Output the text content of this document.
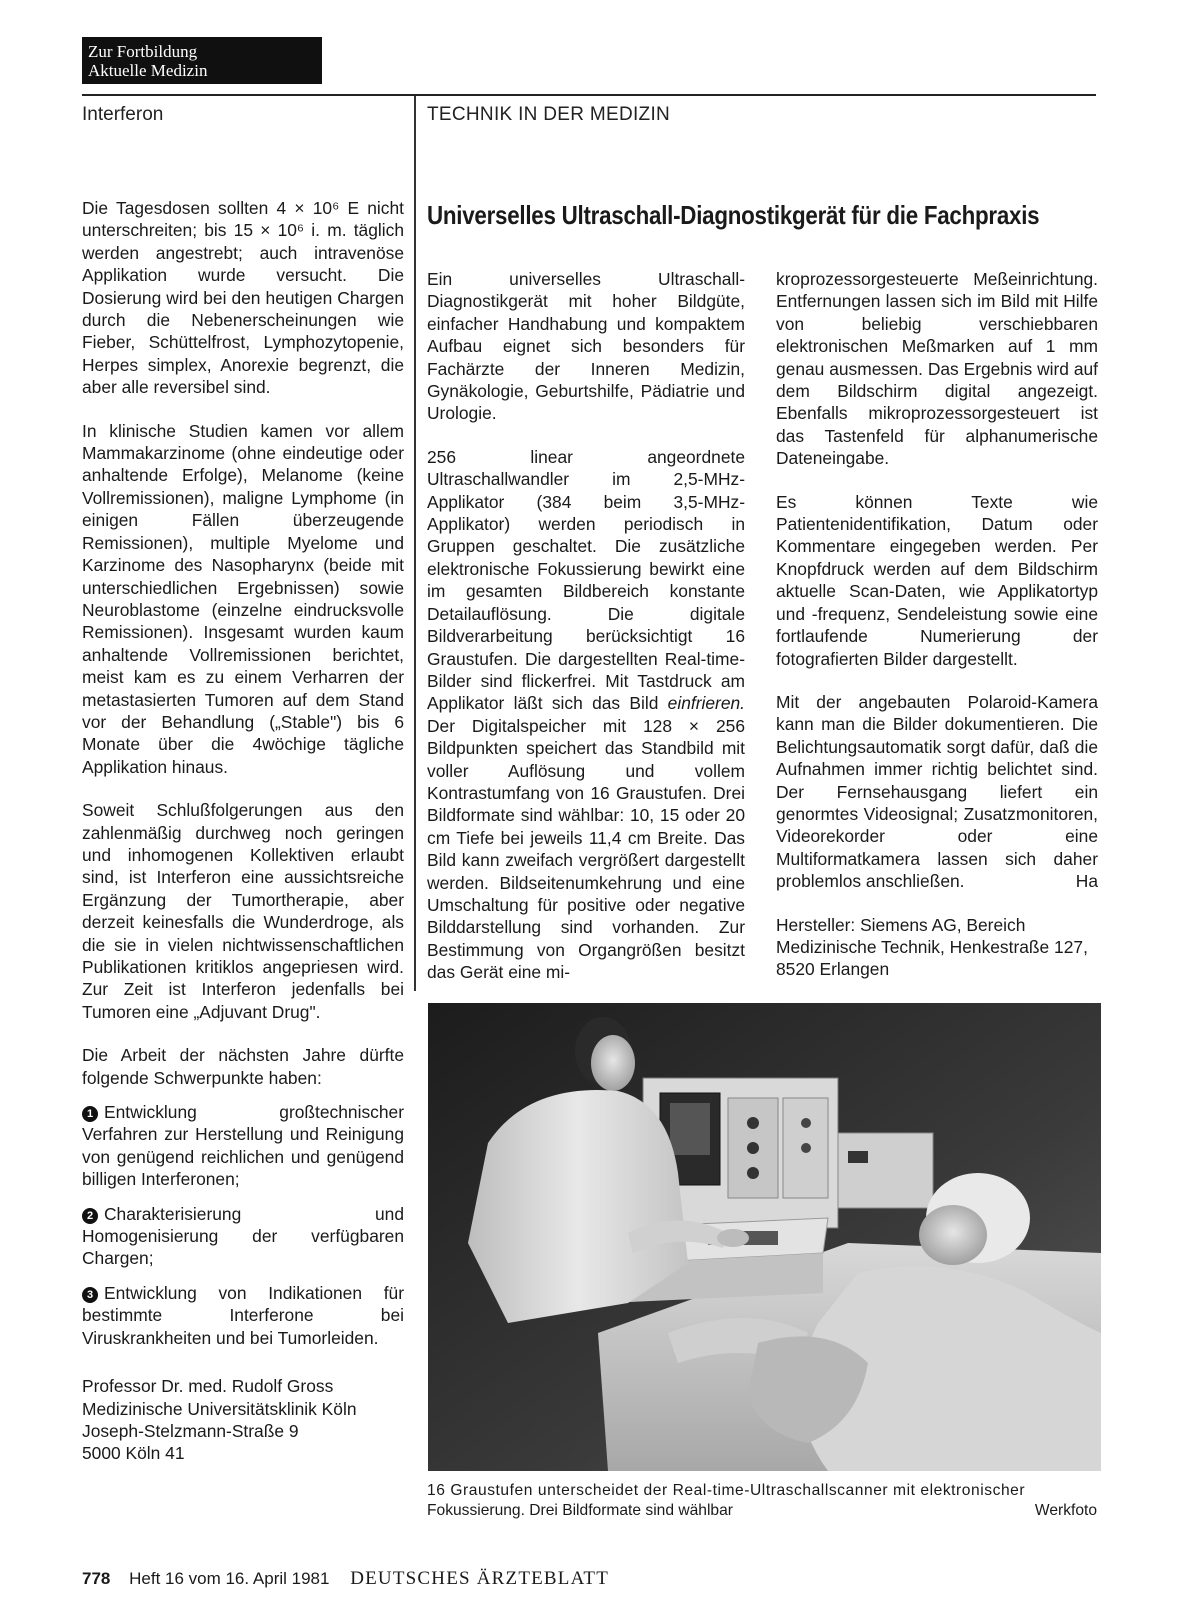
Zur Fortbildung
Aktuelle Medizin
Interferon	TECHNIK IN DER MEDIZIN
Universelles Ultraschall-Diagnostikgerät für die Fachpraxis

Die Tagesdosen sollten 4 × 10⁶ E nicht unterschreiten; bis 15 × 10⁶ i. m. täglich werden angestrebt; auch intravenöse Applikation wurde versucht. Die Dosierung wird bei den heutigen Chargen durch die Nebenerscheinungen wie Fieber, Schüttelfrost, Lymphozytopenie, Herpes simplex, Anorexie begrenzt, die aber alle reversibel sind.

In klinische Studien kamen vor allem Mammakarzinome (ohne eindeutige oder anhaltende Erfolge), Melanome (keine Vollremissionen), maligne Lymphome (in einigen Fällen überzeugende Remissionen), multiple Myelome und Karzinome des Nasopharynx (beide mit unterschiedlichen Ergebnissen) sowie Neuroblastome (einzelne eindrucksvolle Remissionen). Insgesamt wurden kaum anhaltende Vollremissionen berichtet, meist kam es zu einem Verharren der metastasierten Tumoren auf dem Stand vor der Behandlung („Stable") bis 6 Monate über die 4wöchige tägliche Applikation hinaus.

Soweit Schlußfolgerungen aus den zahlenmäßig durchweg noch geringen und inhomogenen Kollektiven erlaubt sind, ist Interferon eine aussichtsreiche Ergänzung der Tumortherapie, aber derzeit keinesfalls die Wunderdroge, als die sie in vielen nichtwissenschaftlichen Publikationen kritiklos angepriesen wird. Zur Zeit ist Interferon jedenfalls bei Tumoren eine „Adjuvant Drug".

Die Arbeit der nächsten Jahre dürfte folgende Schwerpunkte haben:

1 Entwicklung großtechnischer Verfahren zur Herstellung und Reinigung von genügend reichlichen und genügend billigen Interferonen;

2 Charakterisierung und Homogenisierung der verfügbaren Chargen;

3 Entwicklung von Indikationen für bestimmte Interferone bei Viruskrankheiten und bei Tumorleiden.

Professor Dr. med. Rudolf Gross
Medizinische Universitätsklinik Köln
Joseph-Stelzmann-Straße 9
5000 Köln 41

Ein universelles Ultraschall-Diagnostikgerät mit hoher Bildgüte, einfacher Handhabung und kompaktem Aufbau eignet sich besonders für Fachärzte der Inneren Medizin, Gynäkologie, Geburtshilfe, Pädiatrie und Urologie.

256 linear angeordnete Ultraschallwandler im 2,5-MHz-Applikator (384 beim 3,5-MHz-Applikator) werden periodisch in Gruppen geschaltet. Die zusätzliche elektronische Fokussierung bewirkt eine im gesamten Bildbereich konstante Detailauflösung. Die digitale Bildverarbeitung berücksichtigt 16 Graustufen. Die dargestellten Real-time-Bilder sind flickerfrei. Mit Tastdruck am Applikator läßt sich das Bild einfrieren. Der Digitalspeicher mit 128 × 256 Bildpunkten speichert das Standbild mit voller Auflösung und vollem Kontrastumfang von 16 Graustufen. Drei Bildformate sind wählbar: 10, 15 oder 20 cm Tiefe bei jeweils 11,4 cm Breite. Das Bild kann zweifach vergrößert dargestellt werden. Bildseitenumkehrung und eine Umschaltung für positive oder negative Bilddarstellung sind vorhanden. Zur Bestimmung von Organgrößen besitzt das Gerät eine mi-

kroprozessorgesteuerte Meßeinrichtung. Entfernungen lassen sich im Bild mit Hilfe von beliebig verschiebbaren elektronischen Meßmarken auf 1 mm genau ausmessen. Das Ergebnis wird auf dem Bildschirm digital angezeigt. Ebenfalls mikroprozessorgesteuert ist das Tastenfeld für alphanumerische Dateneingabe.

Es können Texte wie Patientenidentifikation, Datum oder Kommentare eingegeben werden. Per Knopfdruck werden auf dem Bildschirm aktuelle Scan-Daten, wie Applikatortyp und -frequenz, Sendeleistung sowie eine fortlaufende Numerierung der fotografierten Bilder dargestellt.

Mit der angebauten Polaroid-Kamera kann man die Bilder dokumentieren. Die Belichtungsautomatik sorgt dafür, daß die Aufnahmen immer richtig belichtet sind. Der Fernsehausgang liefert ein genormtes Videosignal; Zusatzmonitoren, Videorekorder oder eine Multiformatkamera lassen sich daher problemlos anschließen.	Ha

Hersteller: Siemens AG, Bereich Medizinische Technik, Henkestraße 127, 8520 Erlangen

16 Graustufen unterscheidet der Real-time-Ultraschallscanner mit elektronischer
Fokussierung. Drei Bildformate sind wählbar	Werkfoto
778 Heft 16 vom 16. April 1981 DEUTSCHES ÄRZTEBLATT
